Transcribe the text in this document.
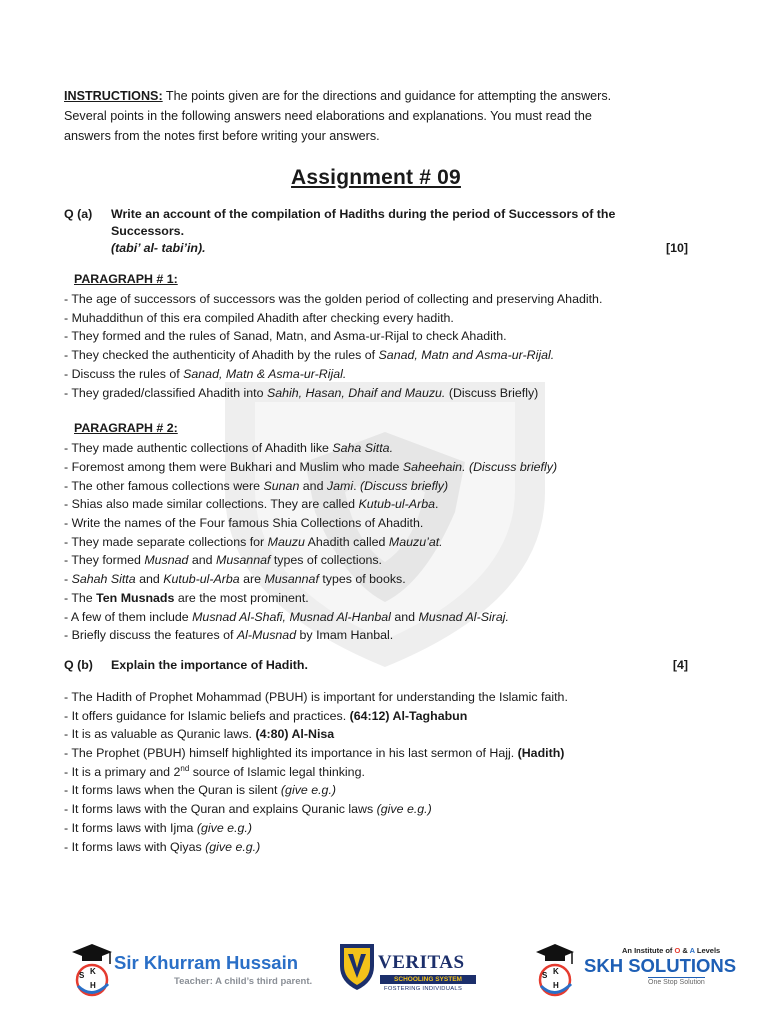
INSTRUCTIONS: The points given are for the directions and guidance for attempting the answers.
Several points in the following answers need elaborations and explanations. You must read the
answers from the notes first before writing your answers.

Assignment # 09
Q (a)	Write an account of the compilation of Hadiths during the period of Successors of the Successors.
(tabi’ al- tabi’in).	[10]
PARAGRAPH # 1:

- The age of successors of successors was the golden period of collecting and preserving Ahadith.

- Muhaddithun of this era compiled Ahadith after checking every hadith.

- They formed and the rules of Sanad, Matn, and Asma-ur-Rijal to check Ahadith.

- They checked the authenticity of Ahadith by the rules of Sanad, Matn and Asma-ur-Rijal.

- Discuss the rules of Sanad, Matn & Asma-ur-Rijal.

- They graded/classified Ahadith into Sahih, Hasan, Dhaif and Mauzu. (Discuss Briefly)

PARAGRAPH # 2:

- They made authentic collections of Ahadith like Saha Sitta.

- Foremost among them were Bukhari and Muslim who made Saheehain. (Discuss briefly)

- The other famous collections were Sunan and Jami. (Discuss briefly)

- Shias also made similar collections. They are called Kutub-ul-Arba.

- Write the names of the Four famous Shia Collections of Ahadith.

- They made separate collections for Mauzu Ahadith called Mauzu’at.

- They formed Musnad and Musannaf types of collections.

- Sahah Sitta and Kutub-ul-Arba are Musannaf types of books.

- The Ten Musnads are the most prominent.

- A few of them include Musnad Al-Shafi, Musnad Al-Hanbal and Musnad Al-Siraj.

- Briefly discuss the features of Al-Musnad by Imam Hanbal.

Q (b)	Explain the importance of Hadith.	[4]

- The Hadith of Prophet Mohammad (PBUH) is important for understanding the Islamic faith.

- It offers guidance for Islamic beliefs and practices. (64:12) Al-Taghabun

- It is as valuable as Quranic laws. (4:80) Al-Nisa

- The Prophet (PBUH) himself highlighted its importance in his last sermon of Hajj. (Hadith)

- It is a primary and 2nd source of Islamic legal thinking.

- It forms laws when the Quran is silent (give e.g.)

- It forms laws with the Quran and explains Quranic laws (give e.g.)

- It forms laws with Ijma (give e.g.)

- It forms laws with Qiyas (give e.g.)

S K
H
Sir Khurram Hussain
Teacher: A child’s third parent.
VERITAS
SCHOOLING SYSTEM
FOSTERING INDIVIDUALS
S K
H
An Institute of O & A Levels
SKH SOLUTIONS
One Stop Solution
